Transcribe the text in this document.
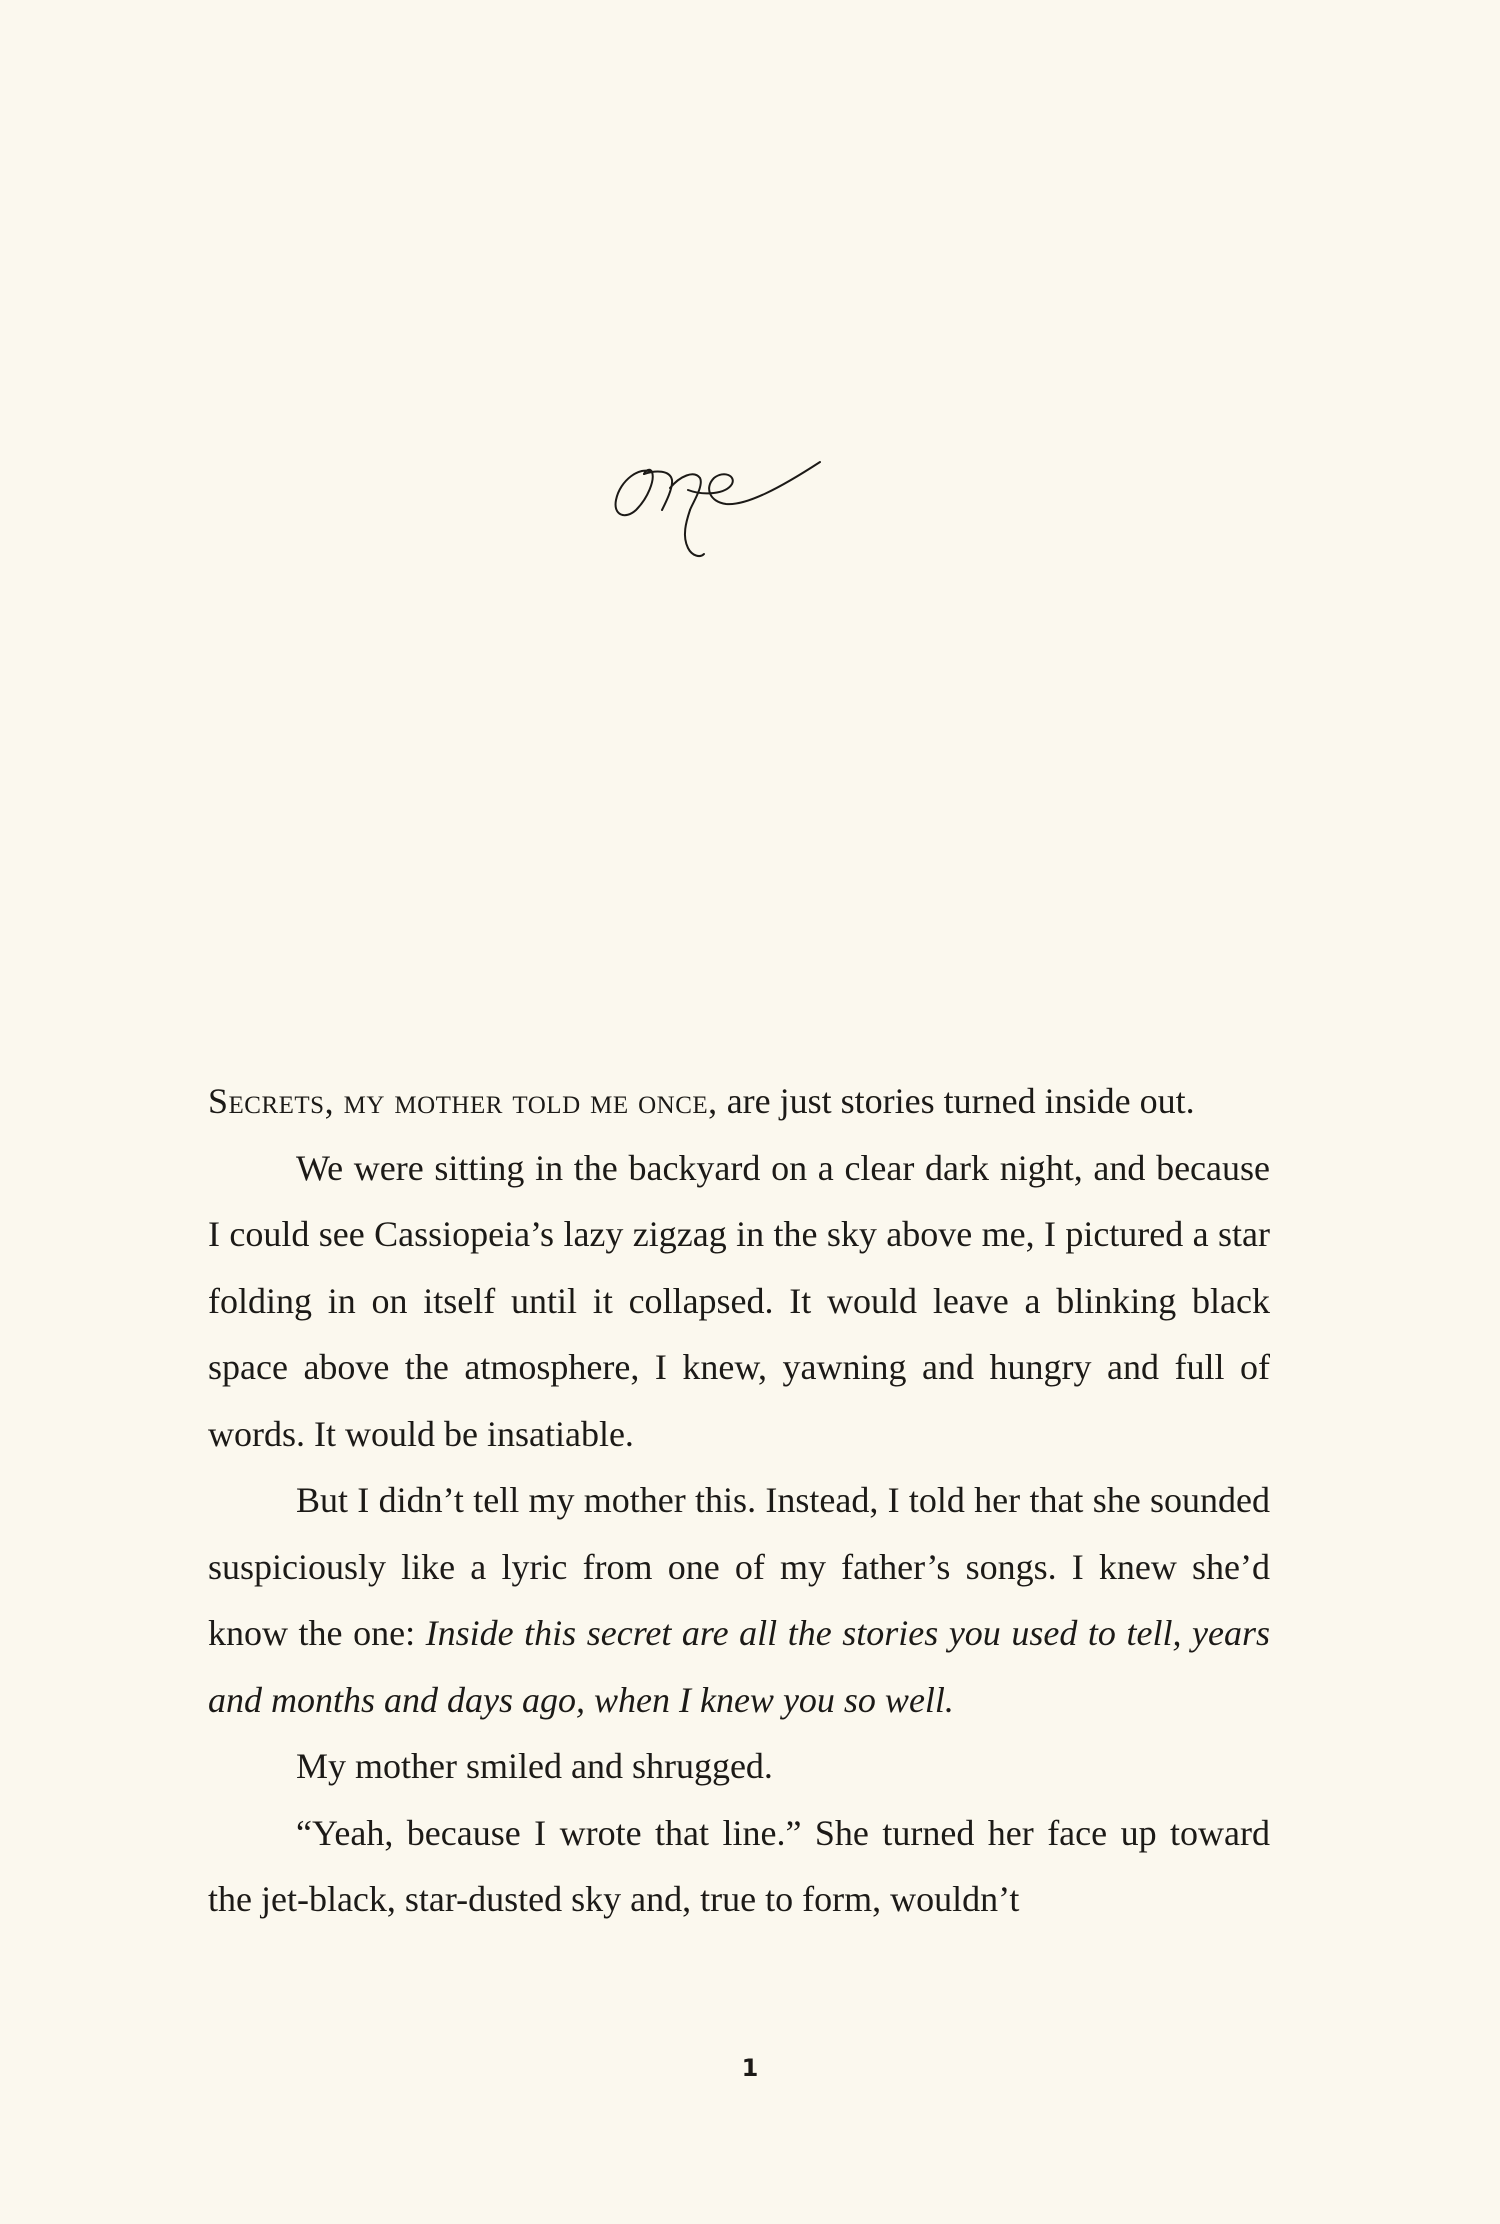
Secrets, my mother told me once, are just stories turned inside out.

We were sitting in the backyard on a clear dark night, and because I could see Cassiopeia’s lazy zigzag in the sky above me, I pictured a star folding in on itself until it collapsed. It would leave a blinking black space above the atmosphere, I knew, yawning and hungry and full of words. It would be insatiable.

But I didn’t tell my mother this. Instead, I told her that she sounded suspiciously like a lyric from one of my father’s songs. I knew she’d know the one: Inside this secret are all the stories you used to tell, years and months and days ago, when I knew you so well.

My mother smiled and shrugged.

“Yeah, because I wrote that line.” She turned her face up toward the jet-black, star-dusted sky and, true to form, wouldn’t

1
